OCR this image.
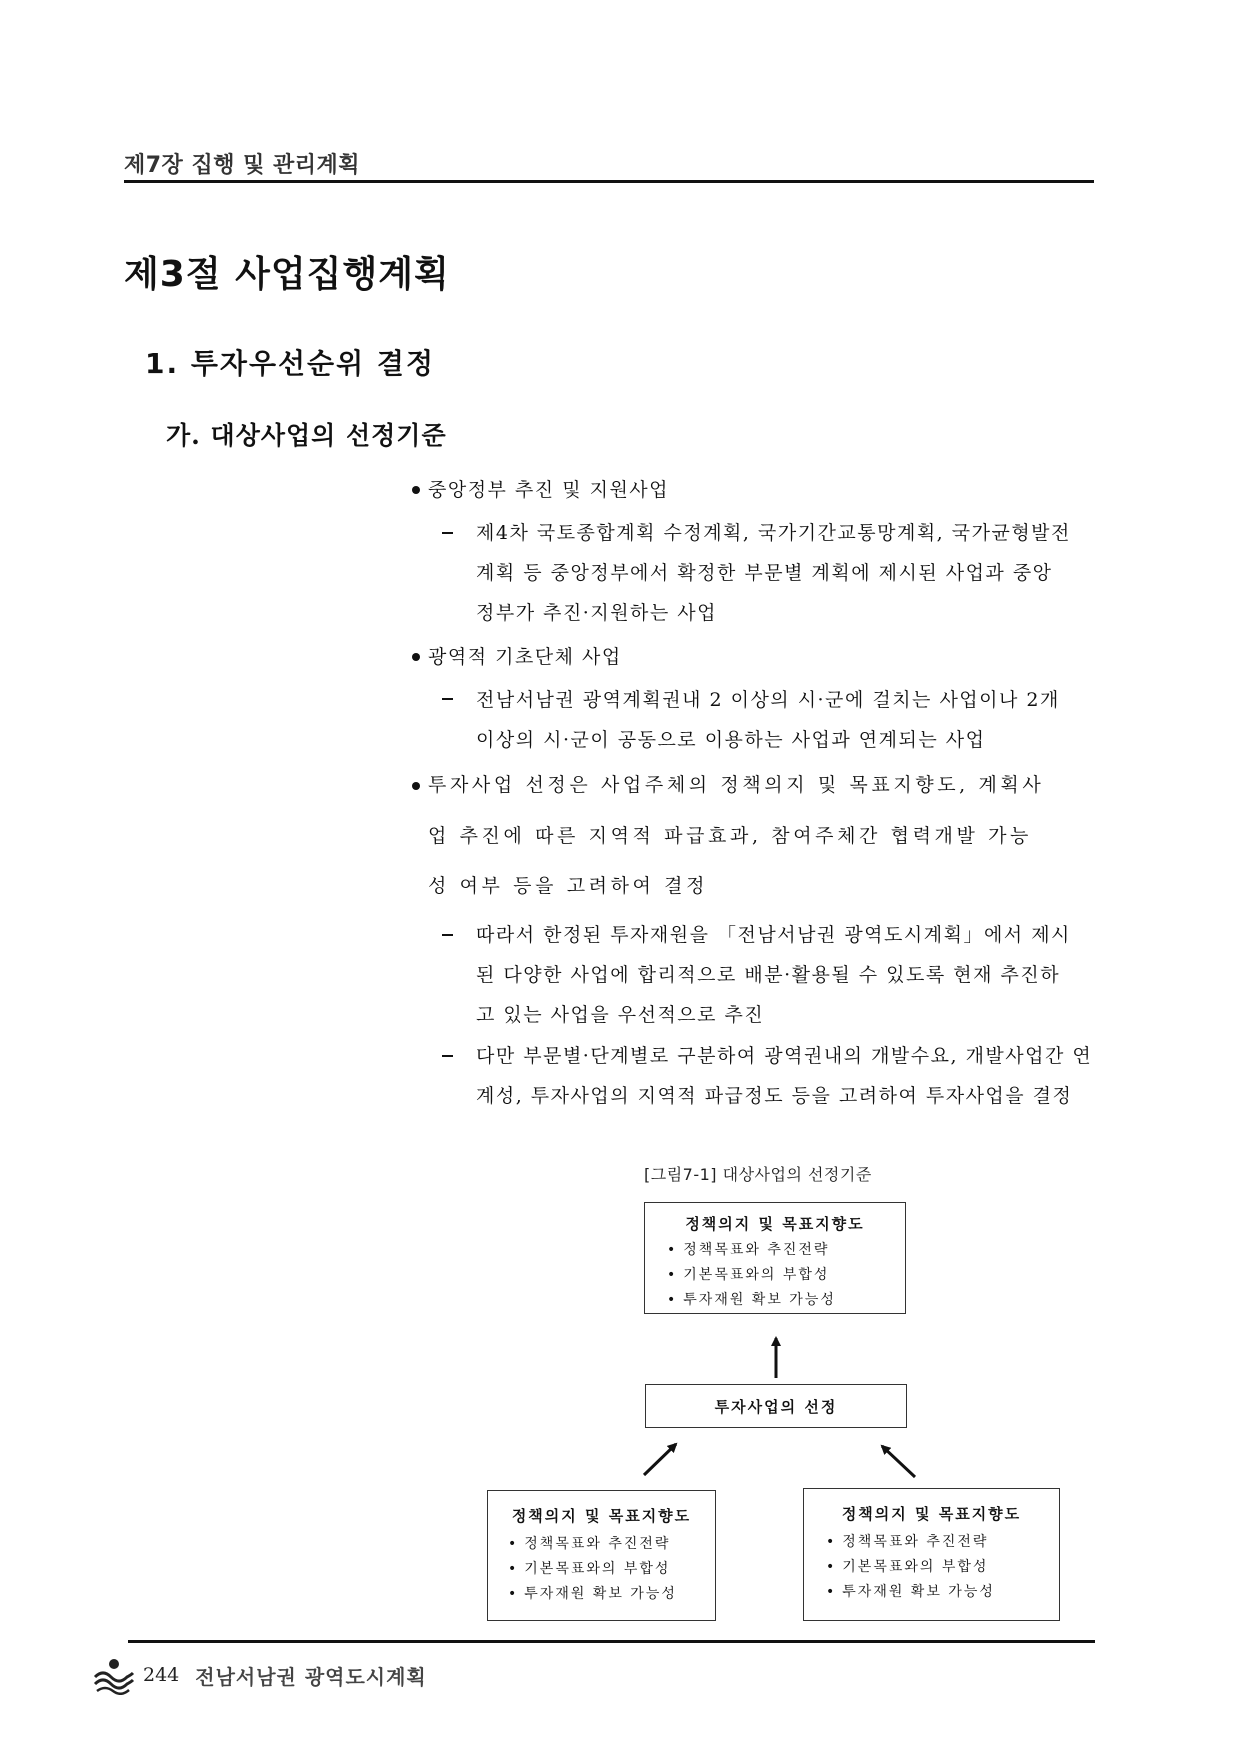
제7장 집행 및 관리계획
제3절 사업집행계획
1. 투자우선순위 결정
가. 대상사업의 선정기준
중앙정부 추진 및 지원사업
제4차 국토종합계획 수정계획, 국가기간교통망계획, 국가균형발전
계획 등 중앙정부에서 확정한 부문별 계획에 제시된 사업과 중앙
정부가 추진·지원하는 사업
광역적 기초단체 사업
전남서남권 광역계획권내 2 이상의 시·군에 걸치는 사업이나 2개
이상의 시·군이 공동으로 이용하는 사업과 연계되는 사업
투자사업 선정은 사업주체의 정책의지 및 목표지향도, 계획사
업 추진에 따른 지역적 파급효과, 참여주체간 협력개발 가능
성 여부 등을 고려하여 결정
따라서 한정된 투자재원을 「전남서남권 광역도시계획」에서 제시
된 다양한 사업에 합리적으로 배분·활용될 수 있도록 현재 추진하
고 있는 사업을 우선적으로 추진
다만 부문별·단계별로 구분하여 광역권내의 개발수요, 개발사업간 연
계성, 투자사업의 지역적 파급정도 등을 고려하여 투자사업을 결정
[그림7-1] 대상사업의 선정기준
정책의지 및 목표지향도
• 정책목표와 추진전략
• 기본목표와의 부합성
• 투자재원 확보 가능성
투자사업의 선정
정책의지 및 목표지향도
• 정책목표와 추진전략
• 기본목표와의 부합성
• 투자재원 확보 가능성
정책의지 및 목표지향도
• 정책목표와 추진전략
• 기본목표와의 부합성
• 투자재원 확보 가능성
244 전남서남권 광역도시계획
